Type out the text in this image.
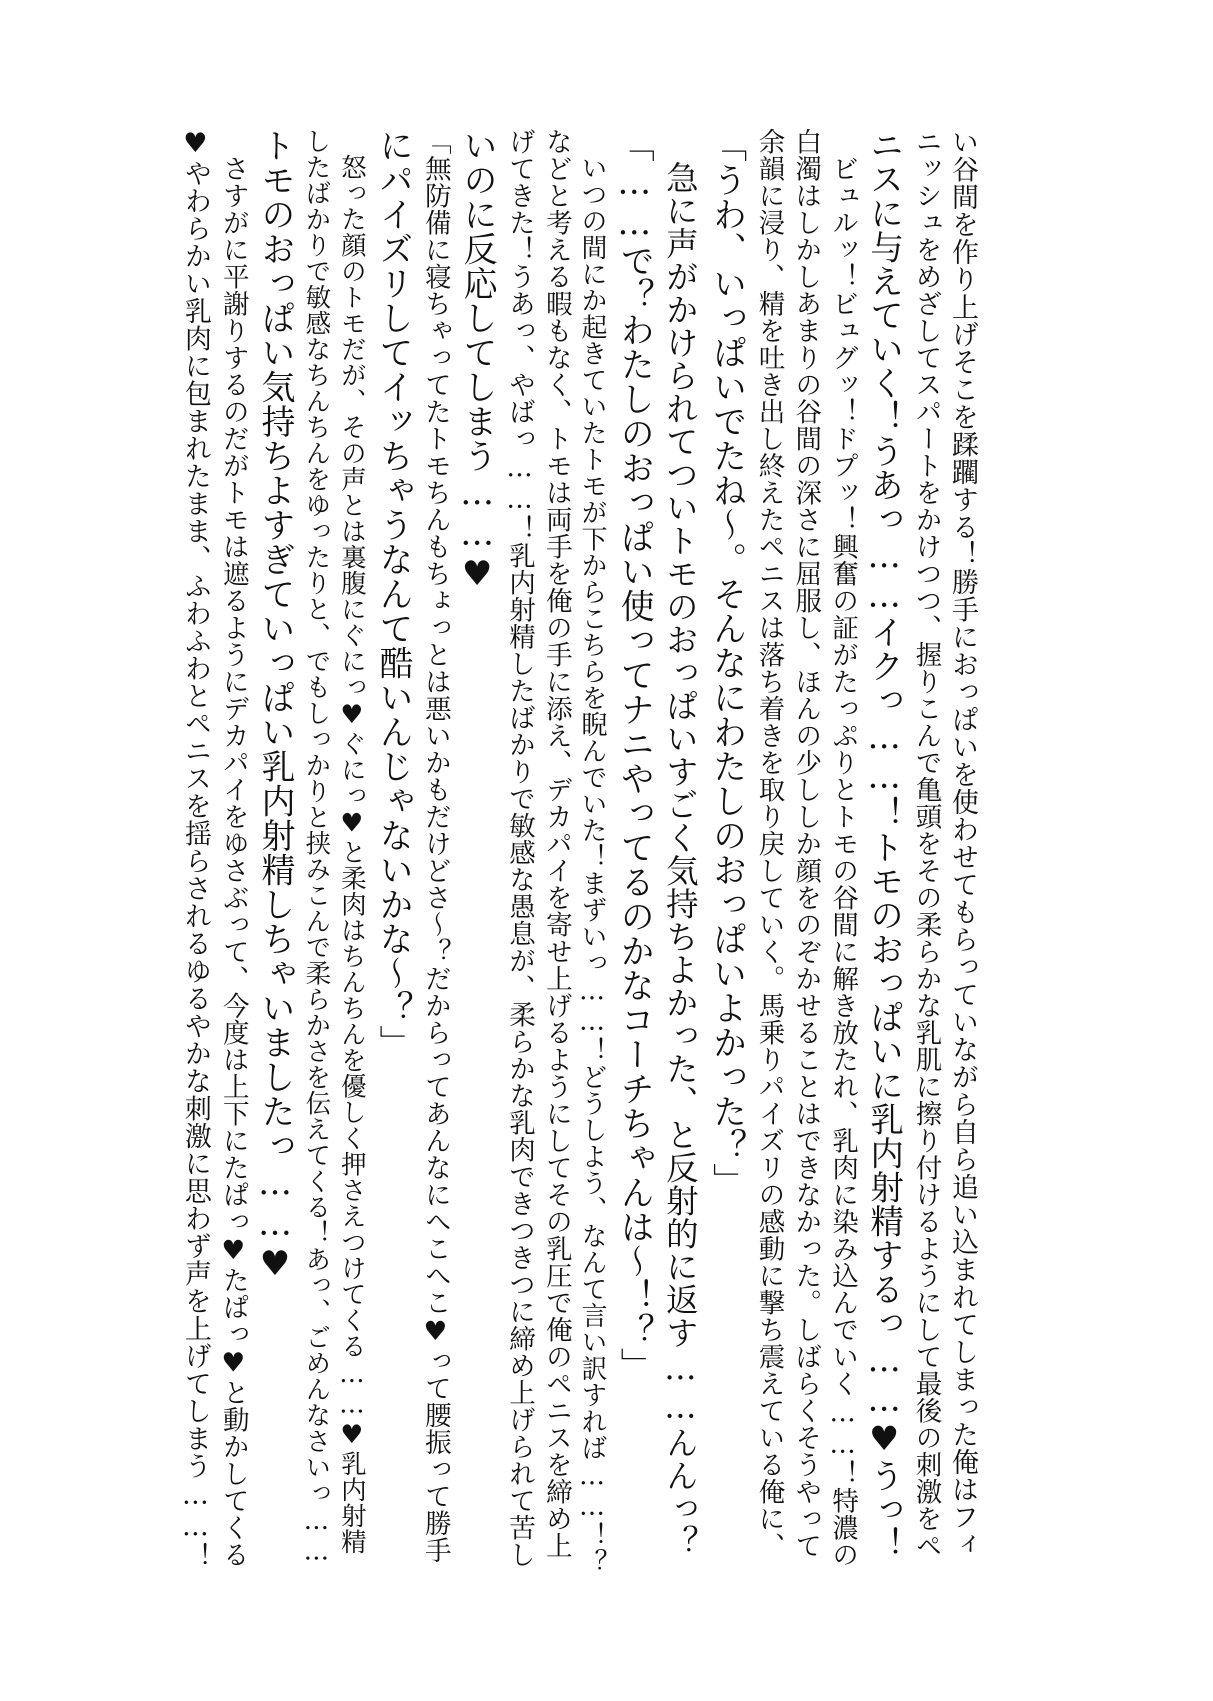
い谷間を作り上げそこを蹂躙する！勝手におっぱいを使わせてもらっていながら自ら追い込まれてしまった俺はフィ
ニッシュをめざしてスパートをかけつつ、握りこんで亀頭をその柔らかな乳肌に擦り付けるようにして最後の刺激をペ
ニスに与えていく！うあっ……イクっ……！トモのおっぱいに乳内射精するっ……♥うっ！
　ビュルッ！ビュグッ！ドプッ！興奮の証がたっぷりとトモの谷間に解き放たれ、乳肉に染み込んでいく……！特濃の
白濁はしかしあまりの谷間の深さに屈服し、ほんの少ししか顔をのぞかせることはできなかった。しばらくそうやって
余韻に浸り、精を吐き出し終えたペニスは落ち着きを取り戻していく。馬乗りパイズリの感動に撃ち震えている俺に、
「うわ、いっぱいでたね～。そんなにわたしのおっぱいよかった？」
　急に声がかけられてついトモのおっぱいすごく気持ちよかった、と反射的に返す……んんっ？
「……で？わたしのおっぱい使ってナニやってるのかなコーチちゃんは～！？」
　いつの間にか起きていたトモが下からこちらを睨んでいた！まずいっ……！どうしよう、なんて言い訳すれば……！？
などと考える暇もなく、トモは両手を俺の手に添え、デカパイを寄せ上げるようにしてその乳圧で俺のペニスを締め上
げてきた！うあっ、やばっ……！乳内射精したばかりで敏感な愚息が、柔らかな乳肉できつきつに締め上げられて苦し
いのに反応してしまう……♥
「無防備に寝ちゃってたトモちんもちょっとは悪いかもだけどさ～？だからってあんなにへこへこ♥って腰振って勝手
にパイズリしてイッちゃうなんて酷いんじゃないかな～？」
　怒った顔のトモだが、その声とは裏腹にぐにっ♥ぐにっ♥と柔肉はちんちんを優しく押さえつけてくる……♥乳内射精
したばかりで敏感なちんちんをゆったりと、でもしっかりと挟みこんで柔らかさを伝えてくる！あっ、ごめんなさいっ……
トモのおっぱい気持ちよすぎていっぱい乳内射精しちゃいましたっ……♥
　さすがに平謝りするのだがトモは遮るようにデカパイをゆさぶって、今度は上下にたぱっ♥たぱっ♥と動かしてくる
♥やわらかい乳肉に包まれたまま、ふわふわとペニスを揺らされるゆるやかな刺激に思わず声を上げてしまう……！
